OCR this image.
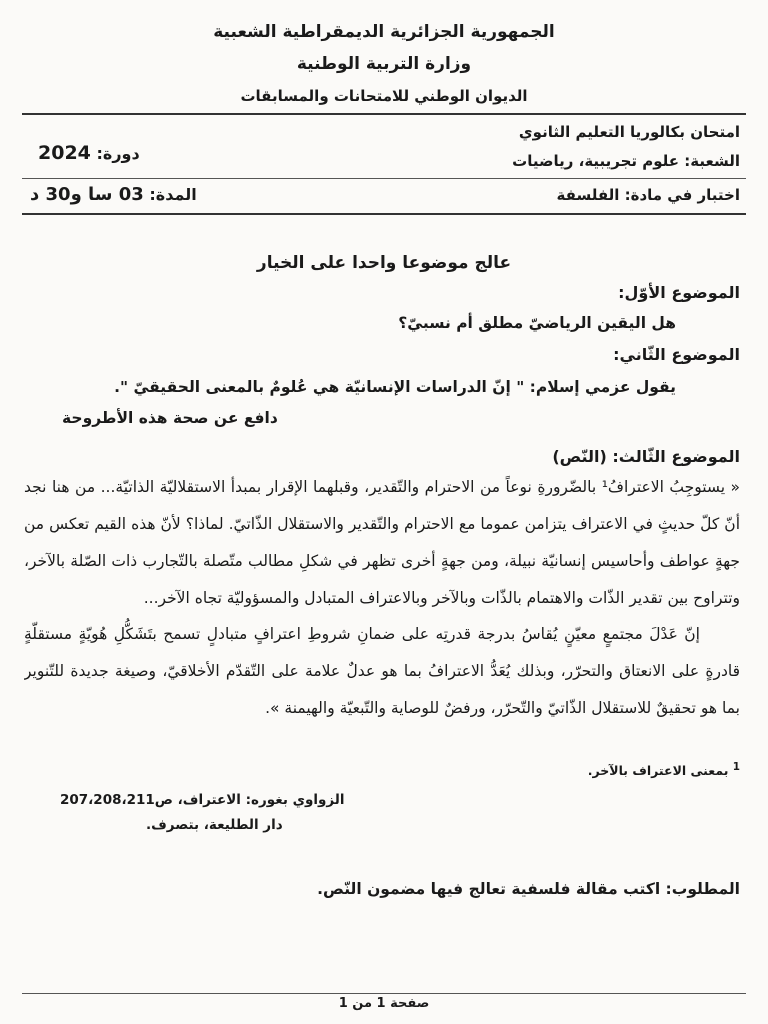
الجمهورية الجزائرية الديمقراطية الشعبية
وزارة التربية الوطنية
الديوان الوطني للامتحانات والمسابقات
امتحان بكالوريا التعليم الثانوي
دورة: 2024	الشعبة: علوم تجريبية، رياضيات
اختبار في مادة: الفلسفة
المدة: 03 سا و30 د
عالج موضوعا واحدا على الخيار
الموضوع الأوّل:
هل اليقين الرياضيّ مطلق أم نسبيّ؟
الموضوع الثّاني:
يقول عزمي إسلام: " إنّ الدراسات الإنسانيّة هي عُلومٌ بالمعنى الحقيقيّ ".
دافع عن صحة هذه الأطروحة
الموضوع الثّالث: (النّص)
« يستوجِبُ الاعترافُ¹ بالضّرورةِ نوعاً من الاحترام والتّقدير، وقبلهما الإقرار بمبدأ الاستقلاليّة الذاتيّة... من هنا نجد أنّ كلّ حديثٍ في الاعتراف يتزامن عموما مع الاحترام والتّقدير والاستقلال الذّاتيّ. لماذا؟ لأنّ هذه القيم تعكس من جهةٍ عواطف وأحاسيس إنسانيّة نبيلة، ومن جهةٍ أخرى تظهر في شكلِ مطالب متّصلة بالتّجارب ذات الصّلة بالآخر، وتتراوح بين تقدير الذّات والاهتمام بالذّات وبالآخر وبالاعتراف المتبادل والمسؤوليّة تجاه الآخر...
إنّ عَدْلَ مجتمعٍ معيّنٍ يُقاسُ بدرجة قدرتِه على ضمانِ شروطِ اعترافٍ متبادلٍ تسمح بتَشَكُّلِ هُويّةٍ مستقلّةٍ قادرةٍ على الانعتاق والتحرّر، وبذلك يُعَدُّ الاعترافُ بما هو عدلٌ علامة على التّقدّم الأخلاقيّ، وصيغة جديدة للتّنوير بما هو تحقيقٌ للاستقلال الذّاتيّ والتّحرّر، ورفضٌ للوصاية والتّبعيّة والهيمنة ».
$^1$ بمعنى الاعتراف بالآخر.
الزواوي بغوره: الاعتراف، ص207،208،211
دار الطليعة، بتصرف.
المطلوب: اكتب مقالة فلسفية تعالج فيها مضمون النّص.
صفحة 1 من 1
